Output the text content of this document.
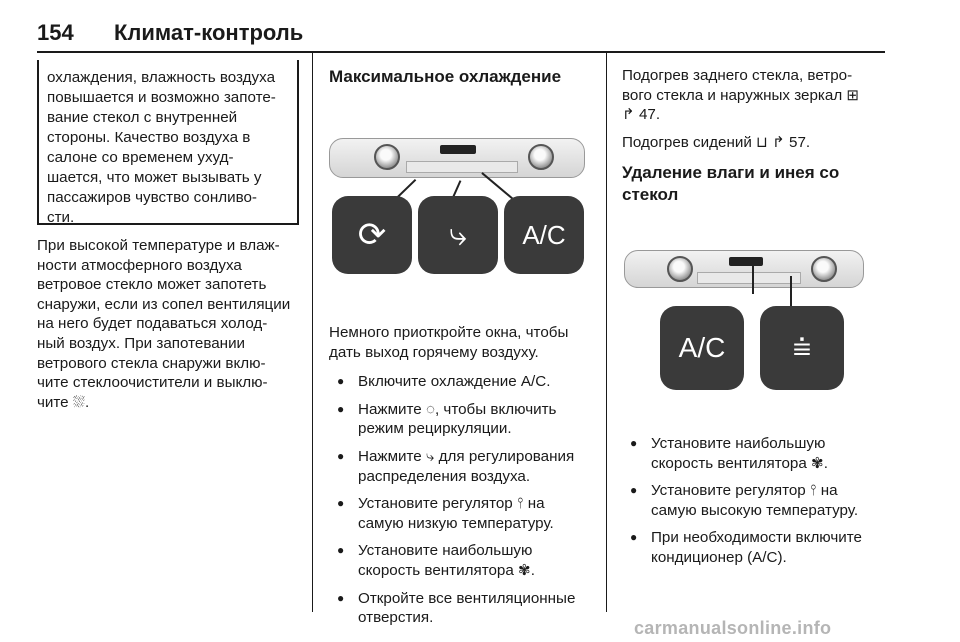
154 Климат-контроль
охлаждения, влажность воздуха
повышается и возможно запоте-
вание стекол с внутренней
стороны. Качество воздуха в
салоне со временем ухуд-
шается, что может вызывать у
пассажиров чувство сонливо-
сти.
При высокой температуре и влаж-
ности атмосферного воздуха
ветровое стекло может запотеть
снаружи, если из сопел вентиляции
на него будет подаваться холод-
ный воздух. При запотевании
ветрового стекла снаружи вклю-
чите стеклоочистители и выклю-
чите ⛆.
Максимальное охлаждение
⟳	⤷	A/C
Немного приоткройте окна, чтобы
дать выход горячему воздуху.
● Включите охлаждение A/C.
● Нажмите ◌, чтобы включить
режим рециркуляции.
● Нажмите ⤷ для регулирования
распределения воздуха.
● Установите регулятор ⫯ на
самую низкую температуру.
● Установите наибольшую
скорость вентилятора ✾.
● Откройте все вентиляционные
отверстия.
Подогрев заднего стекла, ветро-
вого стекла и наружных зеркал ⊞
↱ 47.
Подогрев сидений ⊔ ↱ 57.
Удаление влаги и инея со
стекол
A/C	⩧
● Установите наибольшую
скорость вентилятора ✾.
● Установите регулятор ⫯ на
самую высокую температуру.
● При необходимости включите
кондиционер (A/C).
carmanualsonline.info
